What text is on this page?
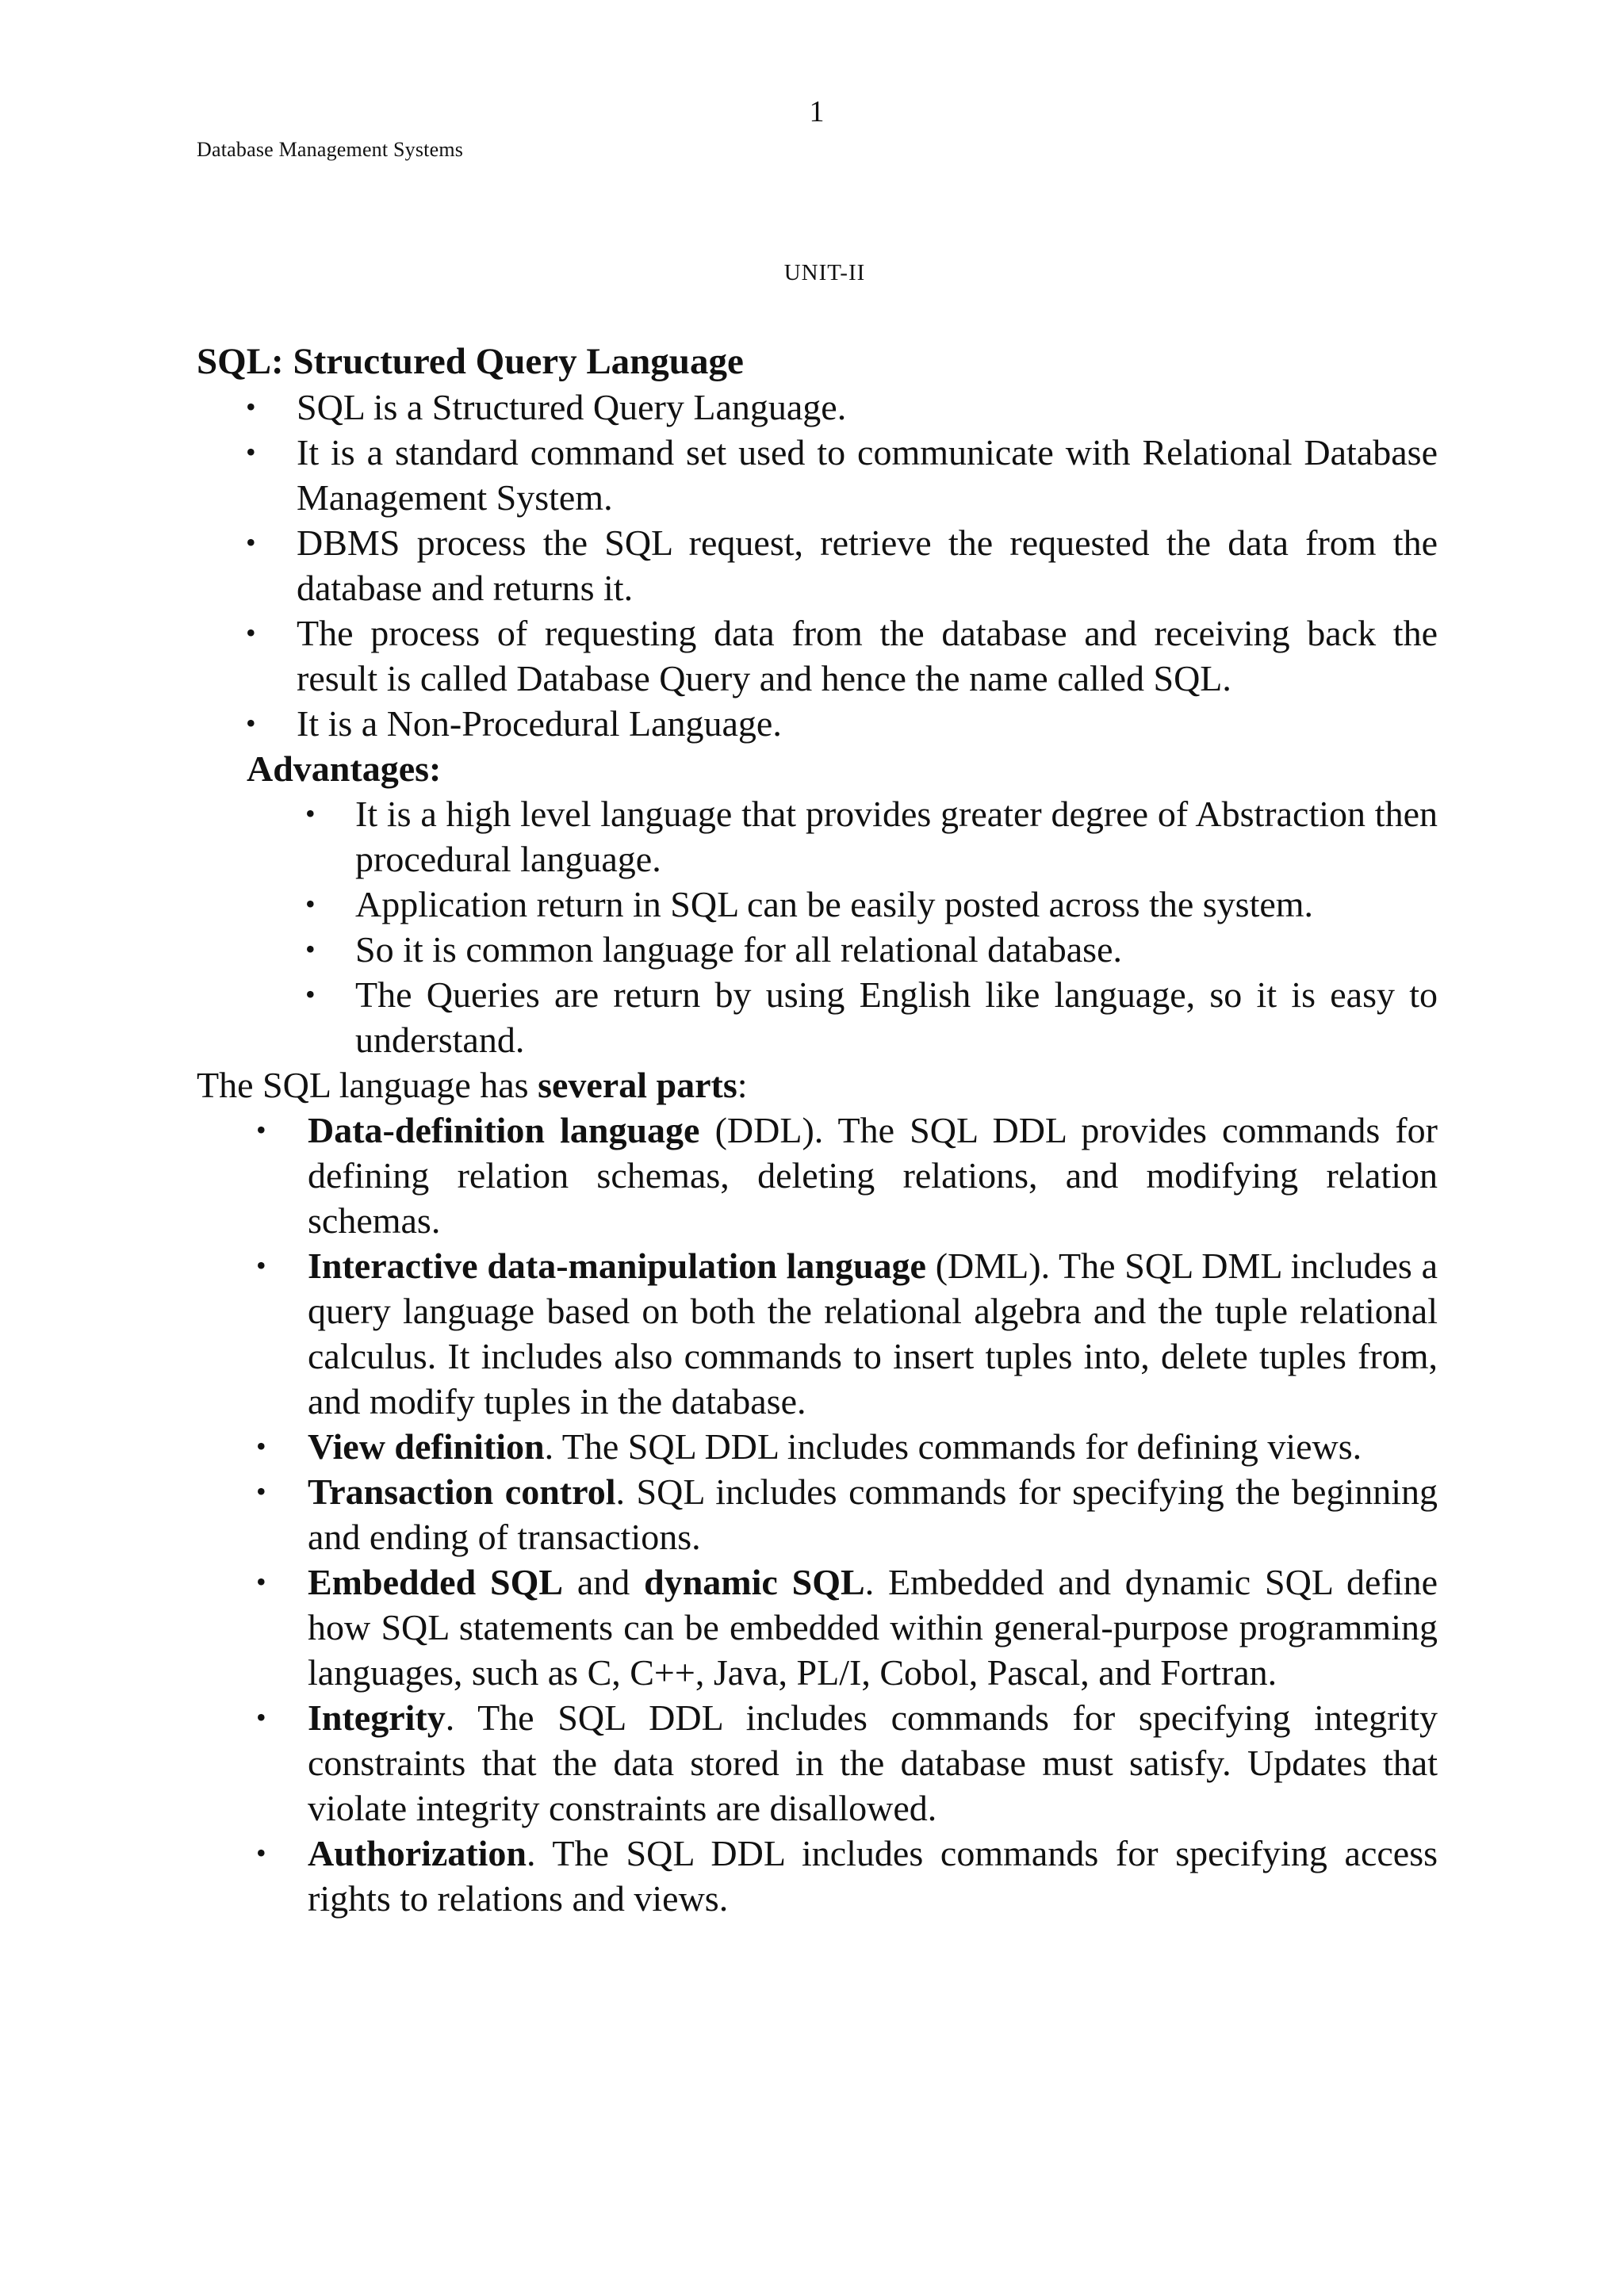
1
Database Management Systems
UNIT-II
SQL: Structured Query Language
• SQL is a Structured Query Language.
• It is a standard command set used to communicate with Relational Database Management System.
• DBMS process the SQL request, retrieve the requested the data from the database and returns it.
• The process of requesting data from the database and receiving back the result is called Database Query and hence the name called SQL.
• It is a Non-Procedural Language.
Advantages:
• It is a high level language that provides greater degree of Abstraction then procedural language.
• Application return in SQL can be easily posted across the system.
• So it is common language for all relational database.
• The Queries are return by using English like language, so it is easy to understand.

The SQL language has several parts:

• Data-definition language (DDL). The SQL DDL provides commands for defining relation schemas, deleting relations, and modifying relation schemas.
• Interactive data-manipulation language (DML). The SQL DML includes a query language based on both the relational algebra and the tuple relational calculus. It includes also commands to insert tuples into, delete tuples from, and modify tuples in the database.
• View definition. The SQL DDL includes commands for defining views.
• Transaction control. SQL includes commands for specifying the beginning and ending of transactions.
• Embedded SQL and dynamic SQL. Embedded and dynamic SQL define how SQL statements can be embedded within general-purpose programming languages, such as C, C++, Java, PL/I, Cobol, Pascal, and Fortran.
• Integrity. The SQL DDL includes commands for specifying integrity constraints that the data stored in the database must satisfy. Updates that violate integrity constraints are disallowed.
• Authorization. The SQL DDL includes commands for specifying access rights to relations and views.
